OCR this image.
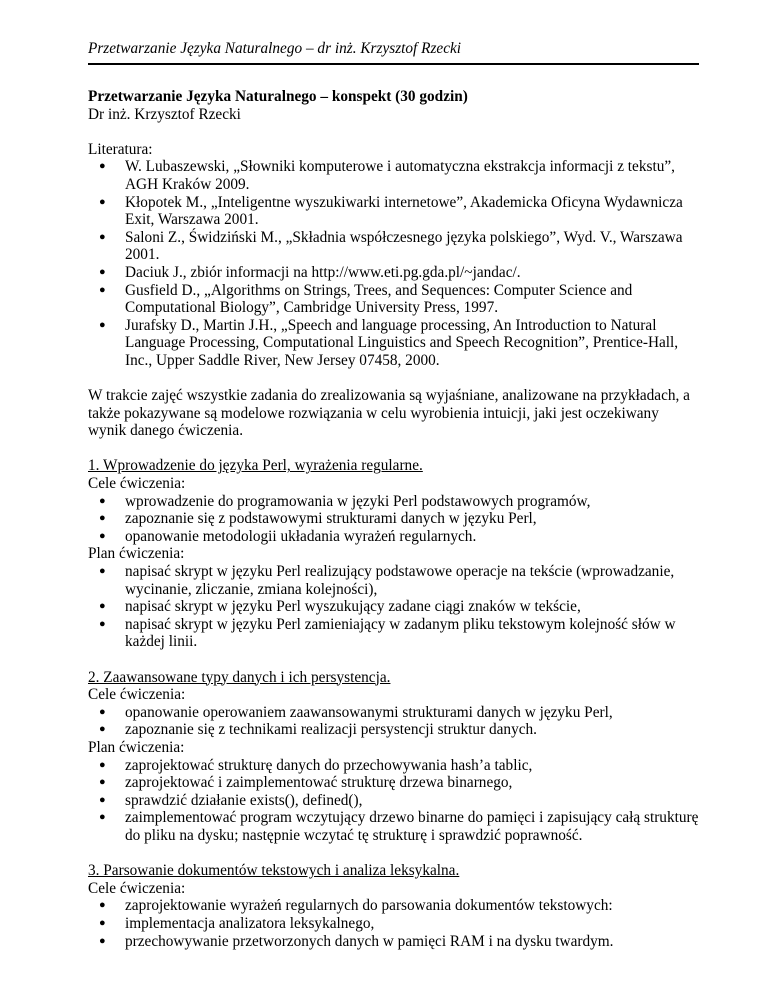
Przetwarzanie Języka Naturalnego – dr inż. Krzysztof Rzecki
Przetwarzanie Języka Naturalnego – konspekt (30 godzin)
Dr inż. Krzysztof Rzecki
Literatura:
● W. Lubaszewski, „Słowniki komputerowe i automatyczna ekstrakcja informacji z tekstu”, AGH Kraków 2009.
● Kłopotek M., „Inteligentne wyszukiwarki internetowe”, Akademicka Oficyna Wydawnicza Exit, Warszawa 2001.
● Saloni Z., Świdziński M., „Składnia współczesnego języka polskiego”, Wyd. V., Warszawa 2001.
● Daciuk J., zbiór informacji na http://www.eti.pg.gda.pl/~jandac/.
● Gusfield D., „Algorithms on Strings, Trees, and Sequences: Computer Science and Computational Biology”, Cambridge University Press, 1997.
● Jurafsky D., Martin J.H., „Speech and language processing, An Introduction to Natural Language Processing, Computational Linguistics and Speech Recognition”, Prentice-Hall, Inc., Upper Saddle River, New Jersey 07458, 2000.
W trakcie zajęć wszystkie zadania do zrealizowania są wyjaśniane, analizowane na przykładach, a także pokazywane są modelowe rozwiązania w celu wyrobienia intuicji, jaki jest oczekiwany wynik danego ćwiczenia.
1. Wprowadzenie do języka Perl, wyrażenia regularne.
Cele ćwiczenia:
● wprowadzenie do programowania w języki Perl podstawowych programów,
● zapoznanie się z podstawowymi strukturami danych w języku Perl,
● opanowanie metodologii układania wyrażeń regularnych.
Plan ćwiczenia:
● napisać skrypt w języku Perl realizujący podstawowe operacje na tekście (wprowadzanie, wycinanie, zliczanie, zmiana kolejności),
● napisać skrypt w języku Perl wyszukujący zadane ciągi znaków w tekście,
● napisać skrypt w języku Perl zamieniający w zadanym pliku tekstowym kolejność słów w każdej linii.
2. Zaawansowane typy danych i ich persystencja.
Cele ćwiczenia:
● opanowanie operowaniem zaawansowanymi strukturami danych w języku Perl,
● zapoznanie się z technikami realizacji persystencji struktur danych.
Plan ćwiczenia:
● zaprojektować strukturę danych do przechowywania hash’a tablic,
● zaprojektować i zaimplementować strukturę drzewa binarnego,
● sprawdzić działanie exists(), defined(),
● zaimplementować program wczytujący drzewo binarne do pamięci i zapisujący całą strukturę do pliku na dysku; następnie wczytać tę strukturę i sprawdzić poprawność.
3. Parsowanie dokumentów tekstowych i analiza leksykalna.
Cele ćwiczenia:
● zaprojektowanie wyrażeń regularnych do parsowania dokumentów tekstowych:
● implementacja analizatora leksykalnego,
● przechowywanie przetworzonych danych w pamięci RAM i na dysku twardym.
